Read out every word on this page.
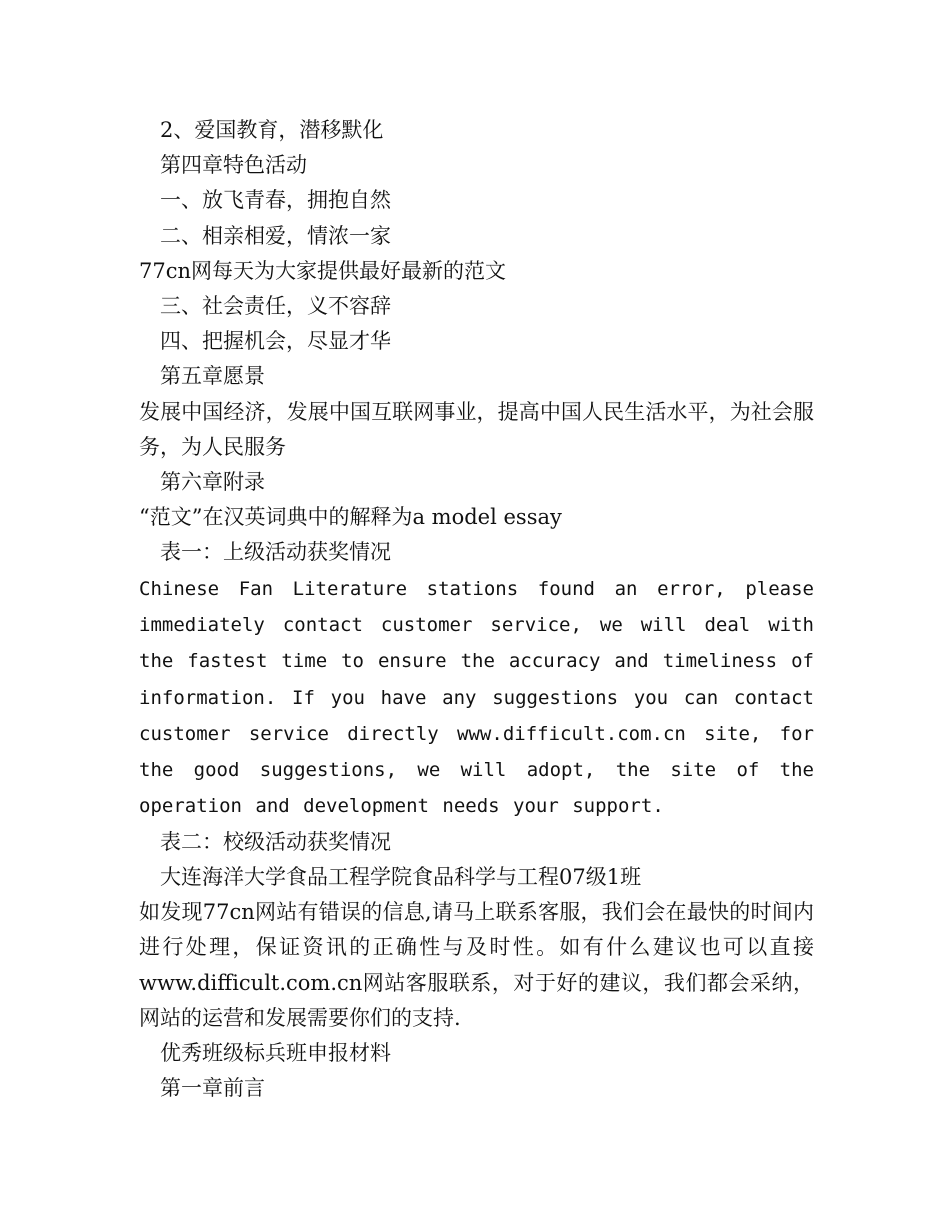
2、爱国教育，潜移默化

第四章特色活动

一、放飞青春，拥抱自然

二、相亲相爱，情浓一家

77cn网每天为大家提供最好最新的范文

三、社会责任，义不容辞

四、把握机会，尽显才华

第五章愿景

发展中国经济，发展中国互联网事业，提高中国人民生活水平，为社会服务，为人民服务

第六章附录

“范文”在汉英词典中的解释为a model essay

表一：上级活动获奖情况

Chinese Fan Literature stations found an error, please immediately contact customer service, we will deal with the fastest time to ensure the accuracy and timeliness of information. If you have any suggestions you can contact customer service directly www.difficult.com.cn site, for the good suggestions, we will adopt, the site of the operation and development needs your support.

表二：校级活动获奖情况

大连海洋大学食品工程学院食品科学与工程07级1班

如发现77cn网站有错误的信息,请马上联系客服，我们会在最快的时间内进行处理，保证资讯的正确性与及时性。如有什么建议也可以直接www.difficult.com.cn网站客服联系，对于好的建议，我们都会采纳，网站的运营和发展需要你们的支持.

优秀班级标兵班申报材料

第一章前言
